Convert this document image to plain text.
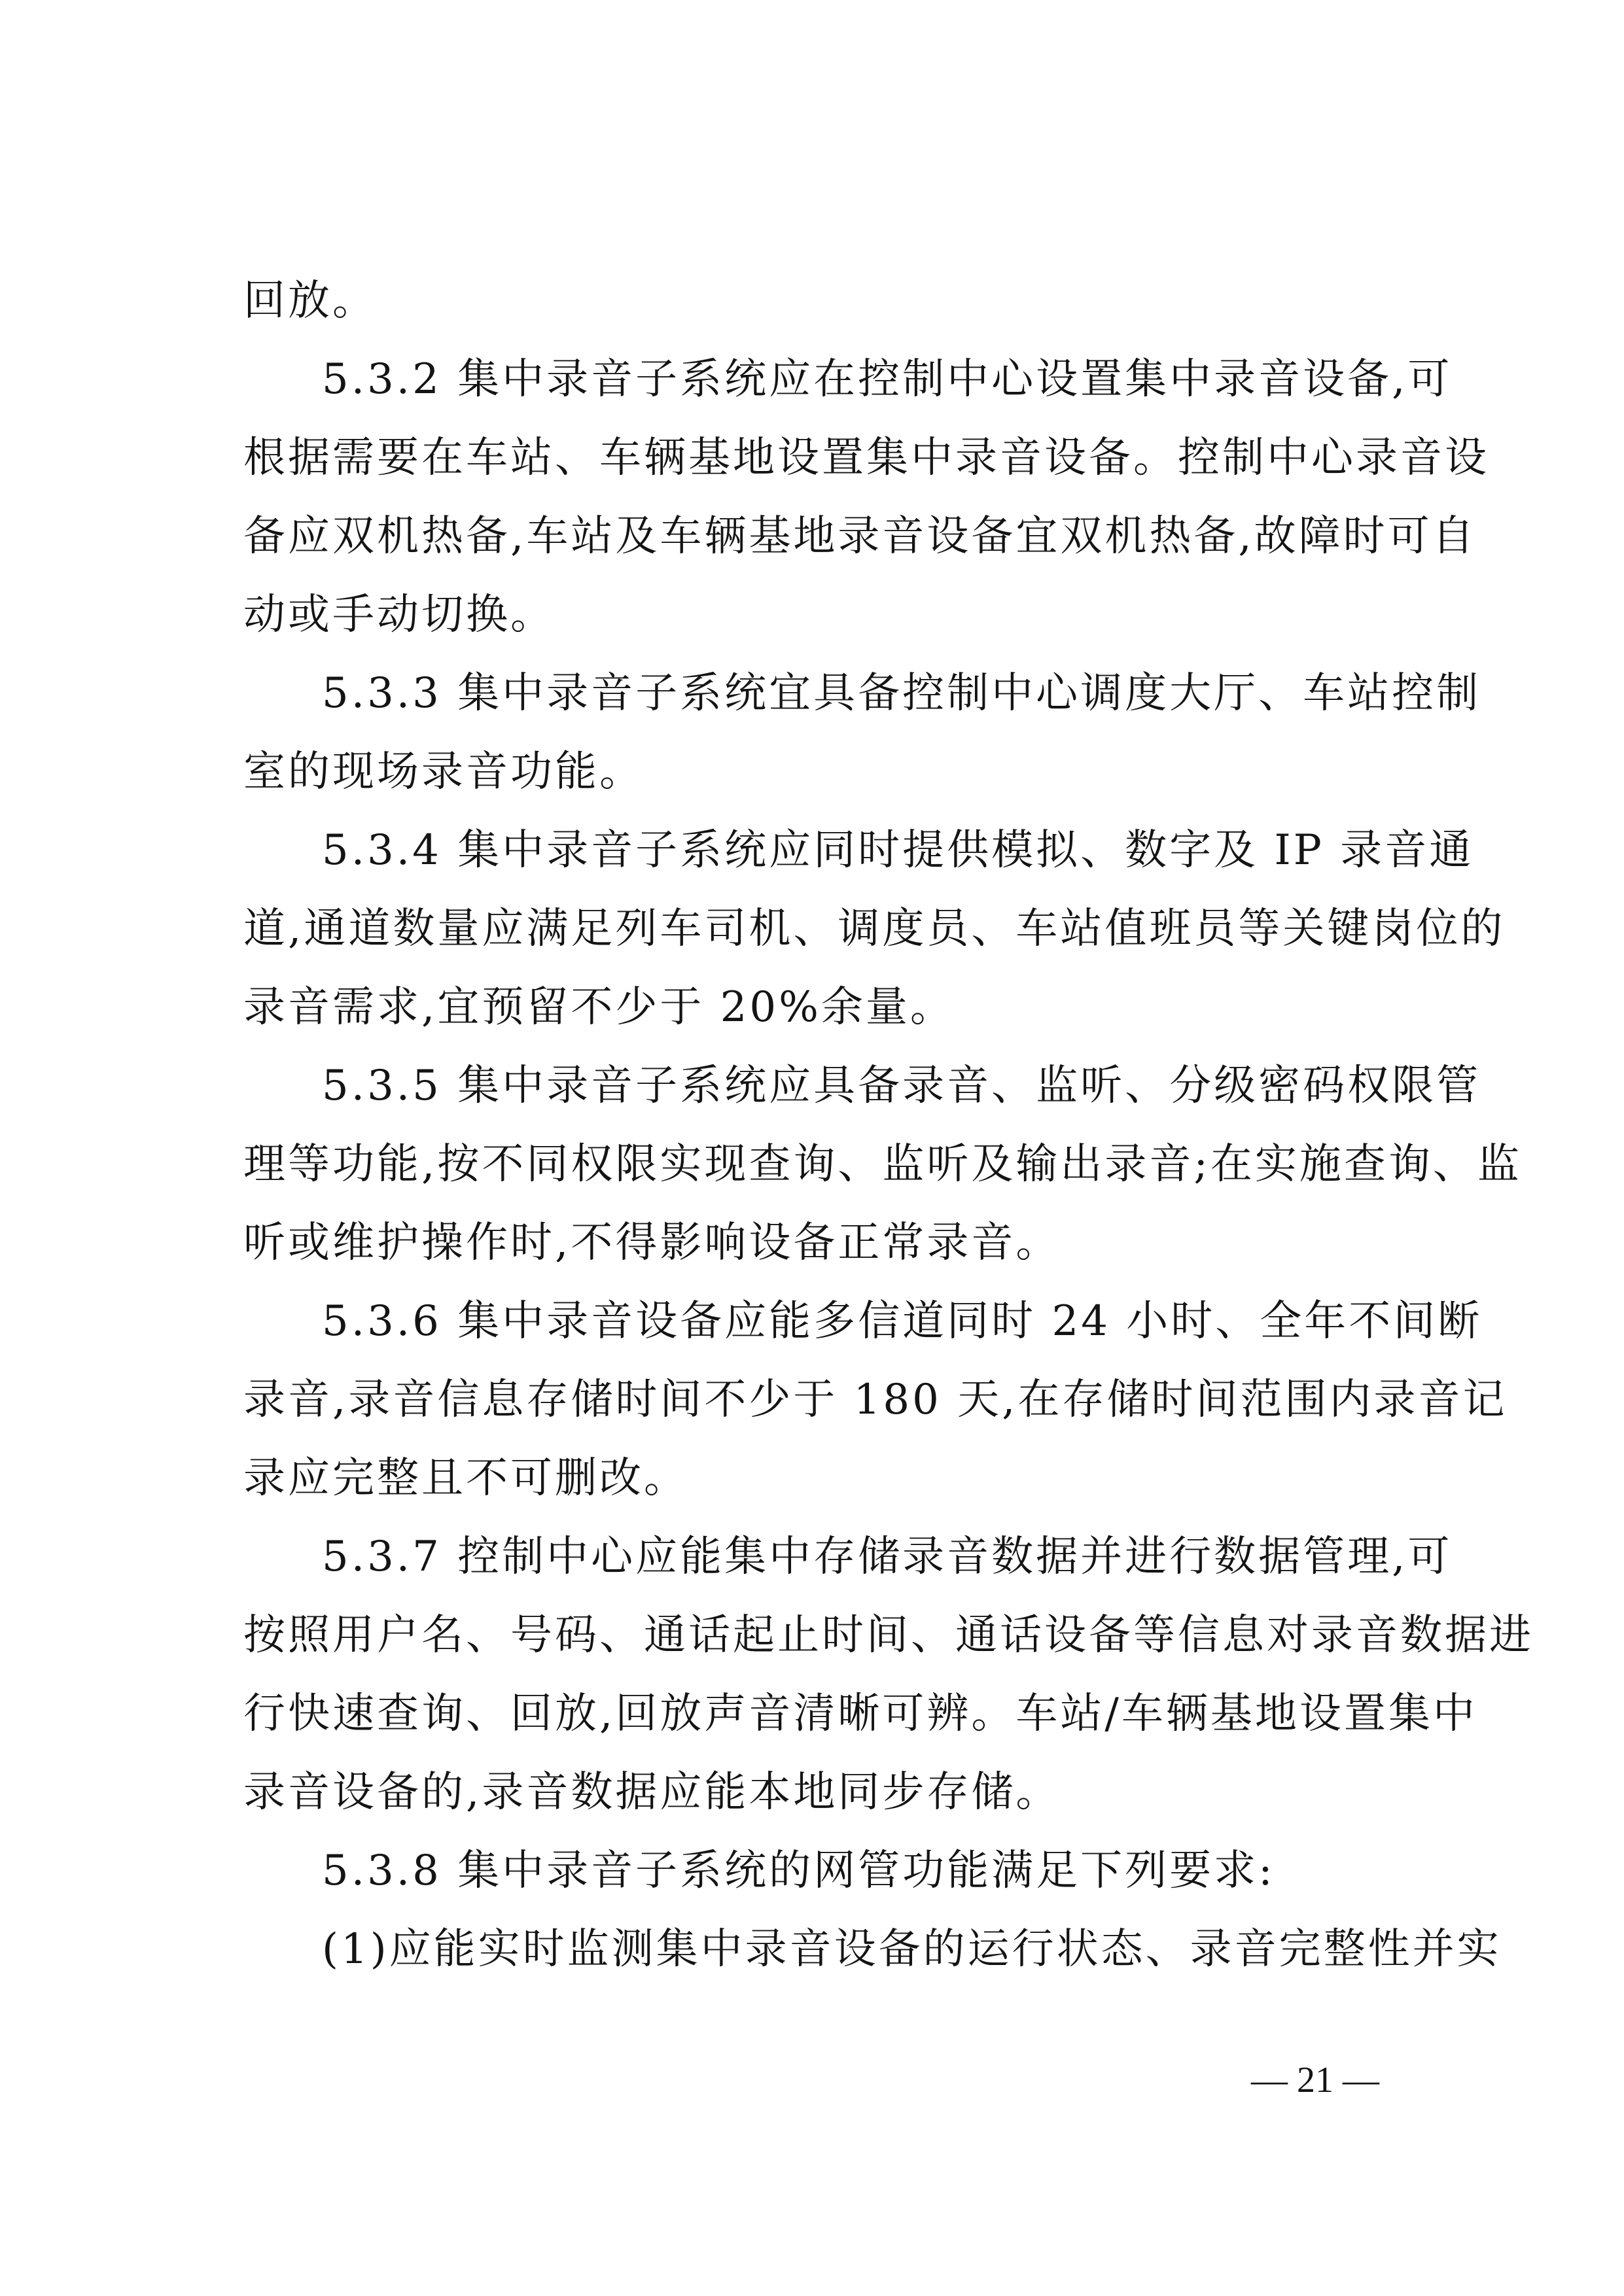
回放。
5.3.2 集中录音子系统应在控制中心设置集中录音设备,可
根据需要在车站、车辆基地设置集中录音设备。控制中心录音设
备应双机热备,车站及车辆基地录音设备宜双机热备,故障时可自
动或手动切换。
5.3.3 集中录音子系统宜具备控制中心调度大厅、车站控制
室的现场录音功能。
5.3.4 集中录音子系统应同时提供模拟、数字及 IP 录音通
道,通道数量应满足列车司机、调度员、车站值班员等关键岗位的
录音需求,宜预留不少于 20%余量。
5.3.5 集中录音子系统应具备录音、监听、分级密码权限管
理等功能,按不同权限实现查询、监听及输出录音;在实施查询、监
听或维护操作时,不得影响设备正常录音。
5.3.6 集中录音设备应能多信道同时 24 小时、全年不间断
录音,录音信息存储时间不少于 180 天,在存储时间范围内录音记
录应完整且不可删改。
5.3.7 控制中心应能集中存储录音数据并进行数据管理,可
按照用户名、号码、通话起止时间、通话设备等信息对录音数据进
行快速查询、回放,回放声音清晰可辨。车站/车辆基地设置集中
录音设备的,录音数据应能本地同步存储。
5.3.8 集中录音子系统的网管功能满足下列要求:
(1)应能实时监测集中录音设备的运行状态、录音完整性并实
— 21 —
